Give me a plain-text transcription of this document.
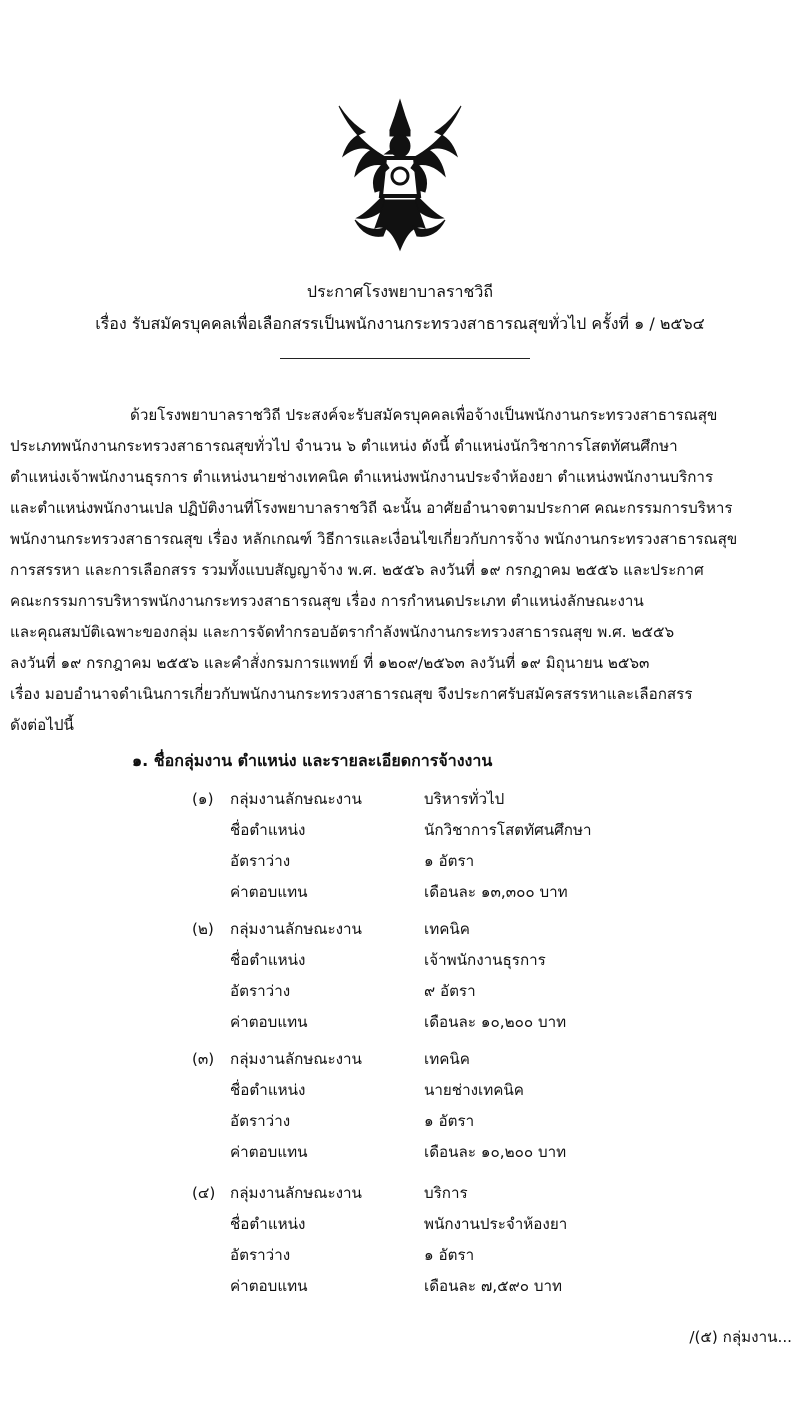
ประกาศโรงพยาบาลราชวิถี
เรื่อง รับสมัครบุคคลเพื่อเลือกสรรเป็นพนักงานกระทรวงสาธารณสุขทั่วไป ครั้งที่ ๑ / ๒๕๖๔
ด้วยโรงพยาบาลราชวิถี ประสงค์จะรับสมัครบุคคลเพื่อจ้างเป็นพนักงานกระทรวงสาธารณสุข
ประเภทพนักงานกระทรวงสาธารณสุขทั่วไป จำนวน ๖ ตำแหน่ง ดังนี้ ตำแหน่งนักวิชาการโสตทัศนศึกษา
ตำแหน่งเจ้าพนักงานธุรการ ตำแหน่งนายช่างเทคนิค ตำแหน่งพนักงานประจำห้องยา ตำแหน่งพนักงานบริการ
และตำแหน่งพนักงานเปล ปฏิบัติงานที่โรงพยาบาลราชวิถี ฉะนั้น อาศัยอำนาจตามประกาศ คณะกรรมการบริหาร
พนักงานกระทรวงสาธารณสุข เรื่อง หลักเกณฑ์ วิธีการและเงื่อนไขเกี่ยวกับการจ้าง พนักงานกระทรวงสาธารณสุข
การสรรหา และการเลือกสรร รวมทั้งแบบสัญญาจ้าง พ.ศ. ๒๕๕๖ ลงวันที่ ๑๙ กรกฎาคม ๒๕๕๖ และประกาศ
คณะกรรมการบริหารพนักงานกระทรวงสาธารณสุข เรื่อง การกำหนดประเภท ตำแหน่งลักษณะงาน
และคุณสมบัติเฉพาะของกลุ่ม และการจัดทำกรอบอัตรากำลังพนักงานกระทรวงสาธารณสุข พ.ศ. ๒๕๕๖
ลงวันที่ ๑๙ กรกฎาคม ๒๕๕๖ และคำสั่งกรมการแพทย์ ที่ ๑๒๐๙/๒๕๖๓ ลงวันที่ ๑๙ มิถุนายน ๒๕๖๓
เรื่อง มอบอำนาจดำเนินการเกี่ยวกับพนักงานกระทรวงสาธารณสุข จึงประกาศรับสมัครสรรหาและเลือกสรร
ดังต่อไปนี้
๑. ชื่อกลุ่มงาน ตำแหน่ง และรายละเอียดการจ้างงาน
(๑)	กลุ่มงานลักษณะงาน	บริหารทั่วไป
ชื่อตำแหน่ง	นักวิชาการโสตทัศนศึกษา
อัตราว่าง	๑ อัตรา
ค่าตอบแทน	เดือนละ ๑๓,๓๐๐ บาท
(๒)	กลุ่มงานลักษณะงาน	เทคนิค
ชื่อตำแหน่ง	เจ้าพนักงานธุรการ
อัตราว่าง	๙ อัตรา
ค่าตอบแทน	เดือนละ ๑๐,๒๐๐ บาท
(๓)	กลุ่มงานลักษณะงาน	เทคนิค
ชื่อตำแหน่ง	นายช่างเทคนิค
อัตราว่าง	๑ อัตรา
ค่าตอบแทน	เดือนละ ๑๐,๒๐๐ บาท
(๔) กลุ่มงานลักษณะงาน	บริการ
ชื่อตำแหน่ง	พนักงานประจำห้องยา
อัตราว่าง	๑ อัตรา
ค่าตอบแทน	เดือนละ ๗,๕๙๐ บาท
/(๕) กลุ่มงาน...
